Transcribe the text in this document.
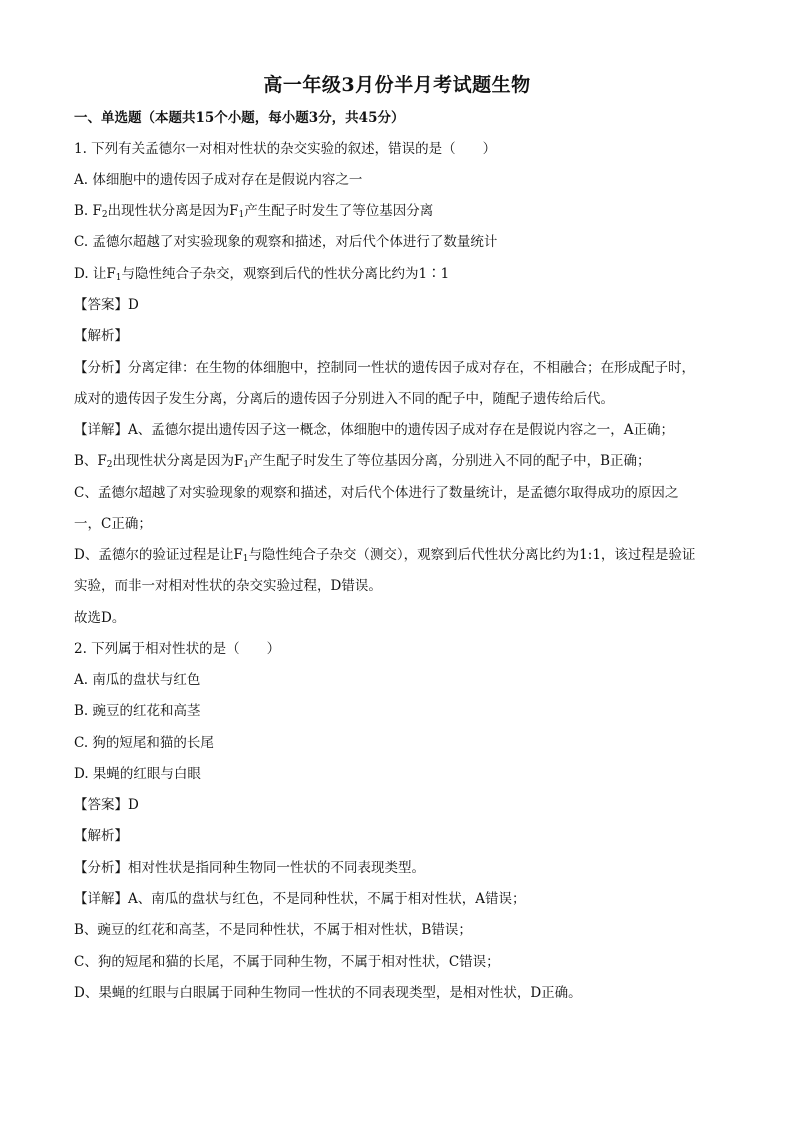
高一年级3月份半月考试题生物
一、单选题（本题共15个小题，每小题3分，共45分）
1. 下列有关孟德尔一对相对性状的杂交实验的叙述，错误的是（　　）
A. 体细胞中的遗传因子成对存在是假说内容之一
B. $F_2$出现性状分离是因为$F_1$产生配子时发生了等位基因分离
C. 孟德尔超越了对实验现象的观察和描述，对后代个体进行了数量统计
D. 让$F_1$与隐性纯合子杂交，观察到后代的性状分离比约为1∶1
【答案】D
【解析】
【分析】分离定律：在生物的体细胞中，控制同一性状的遗传因子成对存在，不相融合；在形成配子时，
成对的遗传因子发生分离，分离后的遗传因子分别进入不同的配子中，随配子遗传给后代。
【详解】A、孟德尔提出遗传因子这一概念，体细胞中的遗传因子成对存在是假说内容之一，A正确；
B、$F_2$出现性状分离是因为$F_1$产生配子时发生了等位基因分离，分别进入不同的配子中，B正确；
C、孟德尔超越了对实验现象的观察和描述，对后代个体进行了数量统计，是孟德尔取得成功的原因之
一，C正确；
D、孟德尔的验证过程是让$F_1$与隐性纯合子杂交（测交），观察到后代性状分离比约为1:1，该过程是验证
实验，而非一对相对性状的杂交实验过程，D错误。
故选D。
2. 下列属于相对性状的是（　　）
A. 南瓜的盘状与红色
B. 豌豆的红花和高茎
C. 狗的短尾和猫的长尾
D. 果蝇的红眼与白眼
【答案】D
【解析】
【分析】相对性状是指同种生物同一性状的不同表现类型。
【详解】A、南瓜的盘状与红色，不是同种性状，不属于相对性状，A错误；
B、豌豆的红花和高茎，不是同种性状，不属于相对性状，B错误；
C、狗的短尾和猫的长尾，不属于同种生物，不属于相对性状，C错误；
D、果蝇的红眼与白眼属于同种生物同一性状的不同表现类型，是相对性状，D正确。
